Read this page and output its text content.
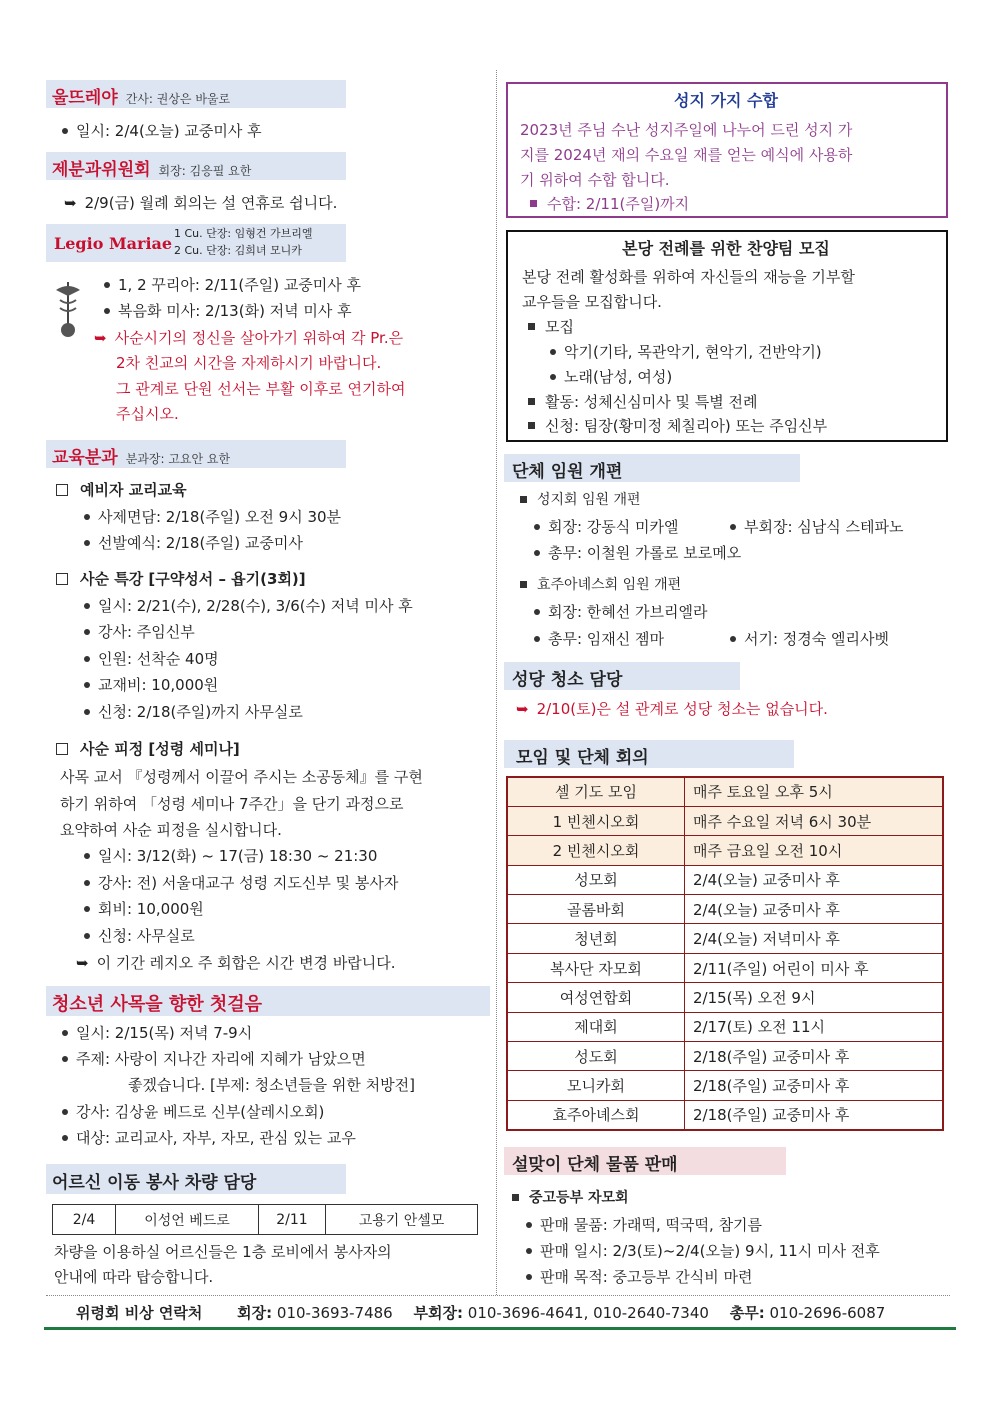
울뜨레야 간사: 권상은 바울로
일시: 2/4(오늘) 교중미사 후
제분과위원회 회장: 김응필 요한
➥ 2/9(금) 월례 회의는 설 연휴로 쉽니다.
Legio Mariae
1 Cu. 단장: 임형건 가브리엘
2 Cu. 단장: 김희녀 모니카
1, 2 꾸리아: 2/11(주일) 교중미사 후
복음화 미사: 2/13(화) 저녁 미사 후
➥ 사순시기의 정신을 살아가기 위하여 각 Pr.은
2차 친교의 시간을 자제하시기 바랍니다.
그 관계로 단원 선서는 부활 이후로 연기하여
주십시오.
교육분과 분과장: 고요안 요한
예비자 교리교육
사제면담: 2/18(주일) 오전 9시 30분
선발예식: 2/18(주일) 교중미사
사순 특강 [구약성서 – 욥기(3회)]
일시: 2/21(수), 2/28(수), 3/6(수) 저녁 미사 후
강사: 주임신부
인원: 선착순 40명
교재비: 10,000원
신청: 2/18(주일)까지 사무실로
사순 피정 [성령 세미나]
사목 교서 『성령께서 이끌어 주시는 소공동체』를 구현
하기 위하여 「성령 세미나 7주간」을 단기 과정으로
요약하여 사순 피정을 실시합니다.
일시: 3/12(화) ~ 17(금) 18:30 ~ 21:30
강사: 전) 서울대교구 성령 지도신부 및 봉사자
회비: 10,000원
신청: 사무실로
➥ 이 기간 레지오 주 회합은 시간 변경 바랍니다.
청소년 사목을 향한 첫걸음
일시: 2/15(목) 저녁 7-9시
주제: 사랑이 지나간 자리에 지혜가 남았으면
좋겠습니다. [부제: 청소년들을 위한 처방전]
강사: 김상윤 베드로 신부(살레시오회)
대상: 교리교사, 자부, 자모, 관심 있는 교우
어르신 이동 봉사 차량 담당
2/4	이성언 베드로	2/11	고용기 안셀모
차량을 이용하실 어르신들은 1층 로비에서 봉사자의
안내에 따라 탑승합니다.
성지 가지 수합
2023년 주님 수난 성지주일에 나누어 드린 성지 가
지를 2024년 재의 수요일 재를 얻는 예식에 사용하
기 위하여 수합 합니다.
수합: 2/11(주일)까지
본당 전례를 위한 찬양팀 모집
본당 전례 활성화를 위하여 자신들의 재능을 기부할
교우들을 모집합니다.
모집
악기(기타, 목관악기, 현악기, 건반악기)
노래(남성, 여성)
활동: 성체신심미사 및 특별 전례
신청: 팀장(황미정 체칠리아) 또는 주임신부
단체 임원 개편
성지회 임원 개편
회장: 강동식 미카엘	부회장: 심남식 스테파노
총무: 이철원 가롤로 보로메오
효주아녜스회 임원 개편
회장: 한혜선 가브리엘라
총무: 임재신 젬마	서기: 정경숙 엘리사벳
성당 청소 담당
➥ 2/10(토)은 설 관계로 성당 청소는 없습니다.
모임 및 단체 회의
셀 기도 모임	매주 토요일 오후 5시
1 빈첸시오회	매주 수요일 저녁 6시 30분
2 빈첸시오회	매주 금요일 오전 10시
성모회	2/4(오늘) 교중미사 후
골롬바회	2/4(오늘) 교중미사 후
청년회	2/4(오늘) 저녁미사 후
복사단 자모회	2/11(주일) 어린이 미사 후
여성연합회	2/15(목) 오전 9시
제대회	2/17(토) 오전 11시
성도회	2/18(주일) 교중미사 후
모니카회	2/18(주일) 교중미사 후
효주아녜스회	2/18(주일) 교중미사 후
설맞이 단체 물품 판매
중고등부 자모회
판매 물품: 가래떡, 떡국떡, 참기름
판매 일시: 2/3(토)~2/4(오늘) 9시, 11시 미사 전후
판매 목적: 중고등부 간식비 마련
위령회 비상 연락처 회장: 010-3693-7486 부회장: 010-3696-4641, 010-2640-7340 총무: 010-2696-6087
